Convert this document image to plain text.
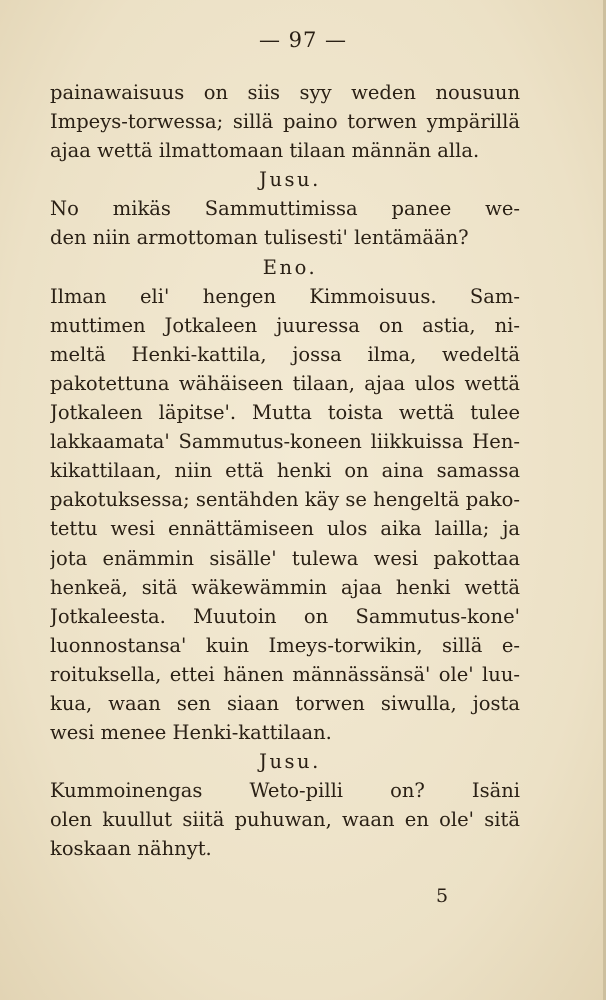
— 97 —
painawaisuus on siis syy weden nousuun
Impeys-torwessa; sillä paino torwen ympärillä
ajaa wettä ilmattomaan tilaan männän alla.
Jusu.
No mikäs Sammuttimissa panee we-
den niin armottoman tulisesti' lentämään?
Eno.
Ilman eli' hengen Kimmoisuus. Sam-
muttimen Jotkaleen juuressa on astia, ni-
meltä Henki-kattila, jossa ilma, wedeltä
pakotettuna wähäiseen tilaan, ajaa ulos wettä
Jotkaleen läpitse'. Mutta toista wettä tulee
lakkaamata' Sammutus-koneen liikkuissa Hen-
kikattilaan, niin että henki on aina samassa
pakotuksessa; sentähden käy se hengeltä pako-
tettu wesi ennättämiseen ulos aika lailla; ja
jota enämmin sisälle' tulewa wesi pakottaa
henkeä, sitä wäkewämmin ajaa henki wettä
Jotkaleesta. Muutoin on Sammutus-kone'
luonnostansa' kuin Imeys-torwikin, sillä e-
roituksella, ettei hänen männässänsä' ole' luu-
kua, waan sen siaan torwen siwulla, josta
wesi menee Henki-kattilaan.
Jusu.
Kummoinengas Weto-pilli on? Isäni
olen kuullut siitä puhuwan, waan en ole' sitä
koskaan nähnyt.
5
